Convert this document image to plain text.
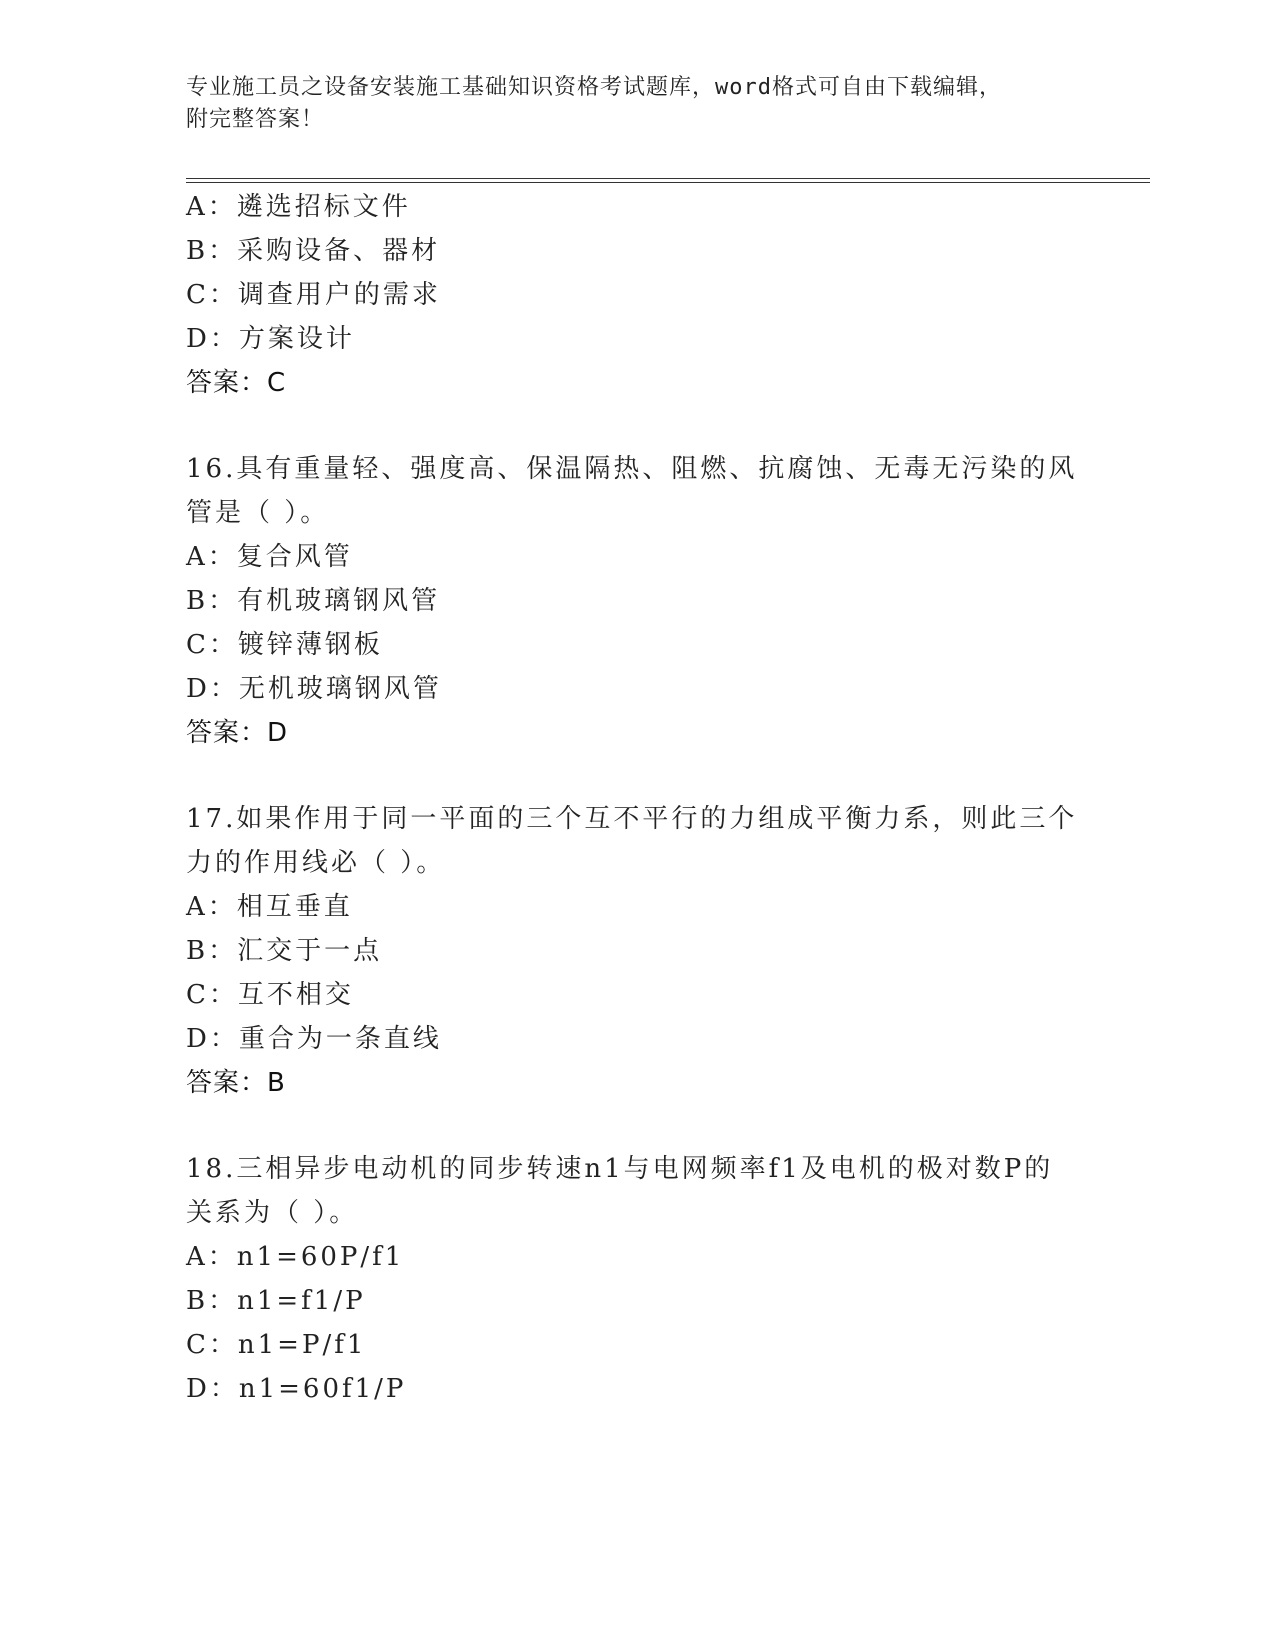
专业施工员之设备安装施工基础知识资格考试题库，word格式可自由下载编辑，
附完整答案！
A：遴选招标文件
B：采购设备、器材
C：调查用户的需求
D：方案设计
答案：C
16.具有重量轻、强度高、保温隔热、阻燃、抗腐蚀、无毒无污染的风
管是（ ）。
A：复合风管
B：有机玻璃钢风管
C：镀锌薄钢板
D：无机玻璃钢风管
答案：D
17.如果作用于同一平面的三个互不平行的力组成平衡力系，则此三个
力的作用线必（ ）。
A：相互垂直
B：汇交于一点
C：互不相交
D：重合为一条直线
答案：B
18.三相异步电动机的同步转速n1与电网频率f1及电机的极对数P的
关系为（ ）。
A：n1=60P/f1
B：n1=f1/P
C：n1=P/f1
D：n1=60f1/P
